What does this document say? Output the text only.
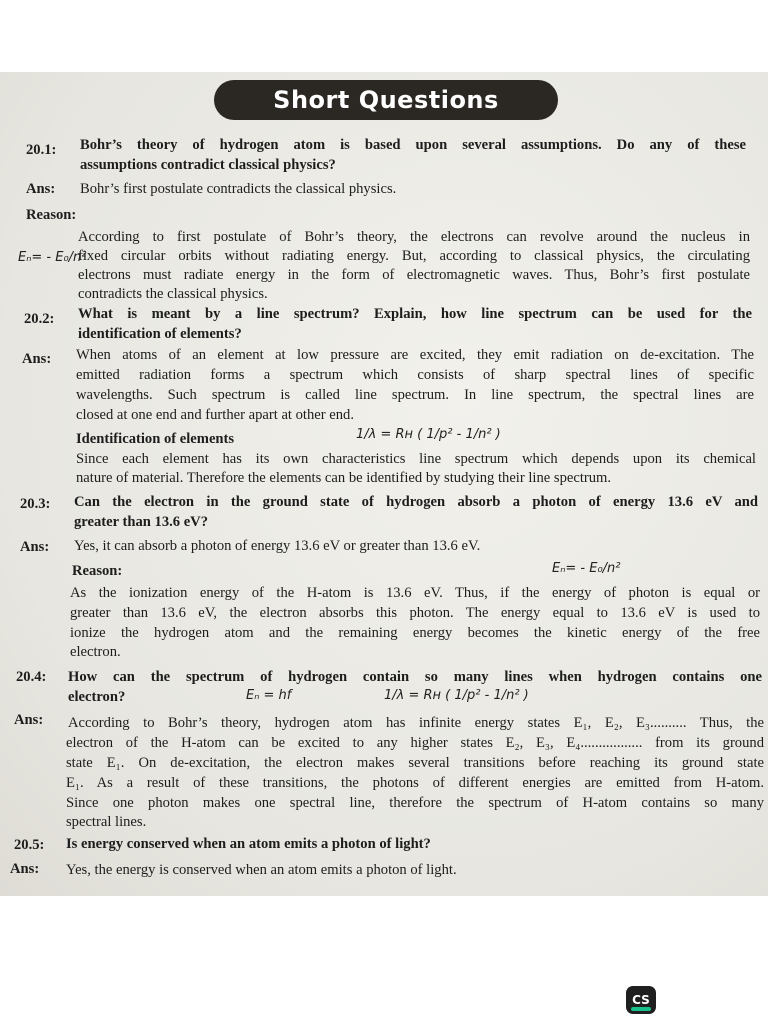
Short Questions
20.1: Bohr’s theory of hydrogen atom is based upon several assumptions. Do any of these
assumptions contradict classical physics?
Ans: Bohr’s first postulate contradicts the classical physics.
Reason:
According to first postulate of Bohr’s theory, the electrons can revolve around the nucleus in
fixed circular orbits without radiating energy. But, according to classical physics, the circulating
electrons must radiate energy in the form of electromagnetic waves. Thus, Bohr’s first postulate
contradicts the classical physics.
20.2: What is meant by a line spectrum? Explain, how line spectrum can be used for the
identification of elements?
Ans: When atoms of an element at low pressure are excited, they emit radiation on de-excitation. The
emitted radiation forms a spectrum which consists of sharp spectral lines of specific
wavelengths. Such spectrum is called line spectrum. In line spectrum, the spectral lines are
closed at one end and further apart at other end.
Identification of elements
Since each element has its own characteristics line spectrum which depends upon its chemical
nature of material. Therefore the elements can be identified by studying their line spectrum.
20.3: Can the electron in the ground state of hydrogen absorb a photon of energy 13.6 eV and
greater than 13.6 eV?
Ans: Yes, it can absorb a photon of energy 13.6 eV or greater than 13.6 eV.
Reason:
As the ionization energy of the H-atom is 13.6 eV. Thus, if the energy of photon is equal or
greater than 13.6 eV, the electron absorbs this photon. The energy equal to 13.6 eV is used to
ionize the hydrogen atom and the remaining energy becomes the kinetic energy of the free
electron.
20.4: How can the spectrum of hydrogen contain so many lines when hydrogen contains one
electron?
Ans: According to Bohr’s theory, hydrogen atom has infinite energy states E₁, E₂, E₃.......... Thus, the
electron of the H-atom can be excited to any higher states E₂, E₃, E₄................. from its ground
state E₁. On de-excitation, the electron makes several transitions before reaching its ground state
E₁. As a result of these transitions, the photons of different energies are emitted from H-atom.
Since one photon makes one spectral line, therefore the spectrum of H-atom contains so many
spectral lines.
20.5: Is energy conserved when an atom emits a photon of light?
Ans: Yes, the energy is conserved when an atom emits a photon of light.
Eₙ= - E₀/n²
1/λ = Rʜ ( 1/p² - 1/n² )
Eₙ= - E₀/n²
Eₙ = hf	1/λ = Rʜ ( 1/p² - 1/n² )
CS
